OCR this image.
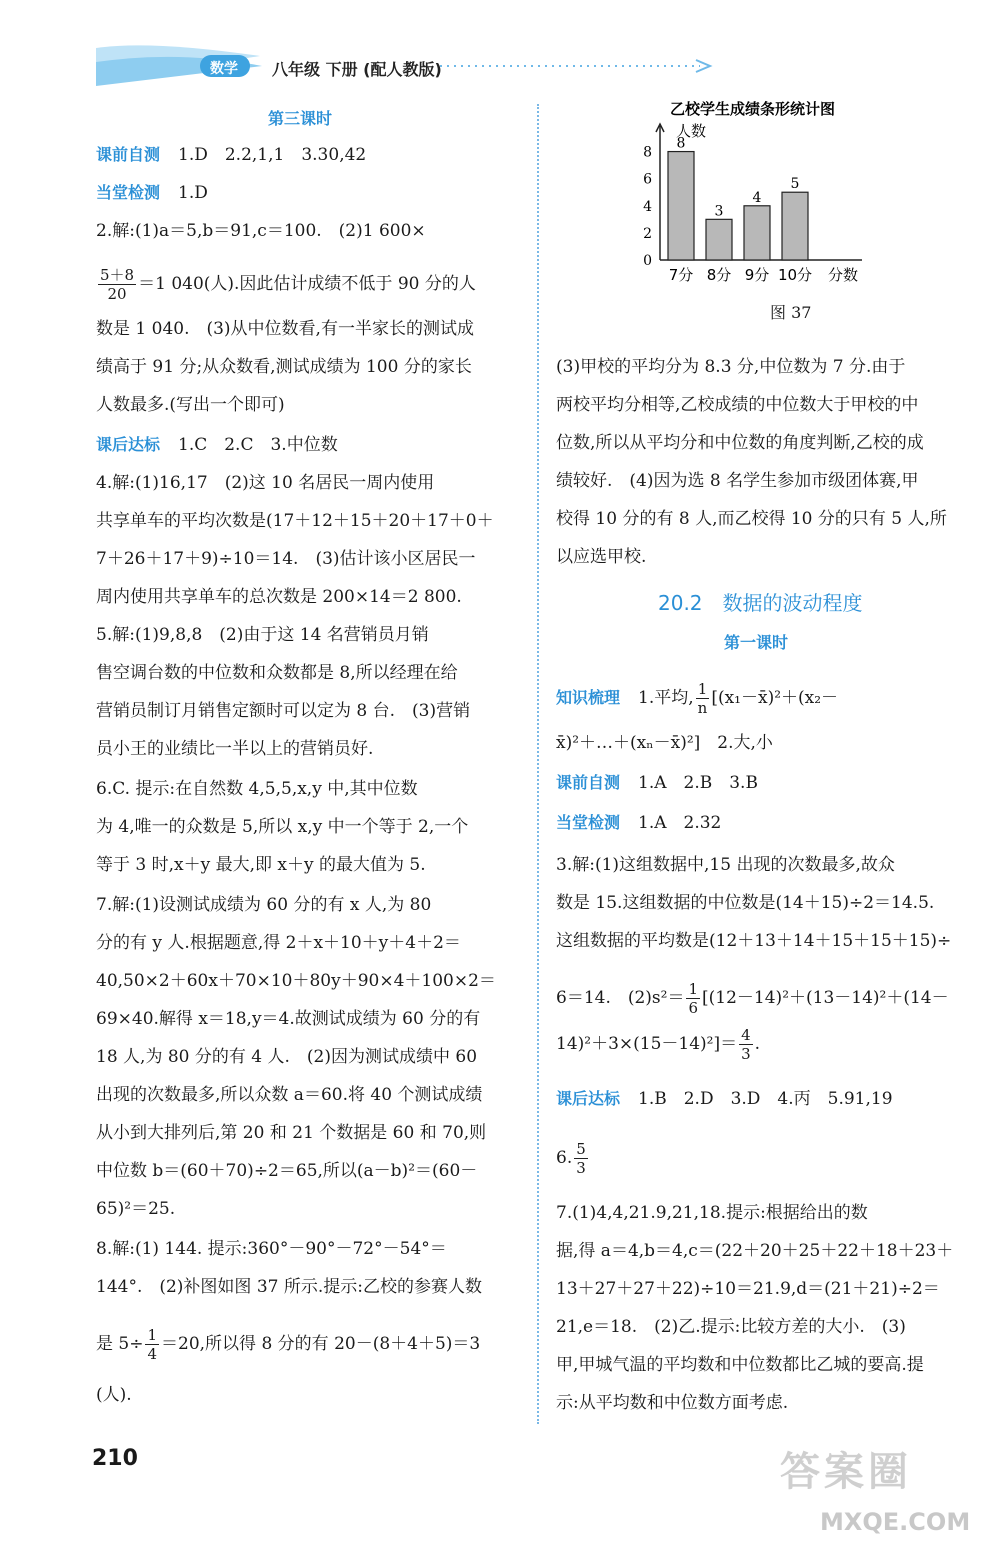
数学 八年级 下册 (配人教版)
第三课时
课前自测 1.D　2.2,1,1　3.30,42
当堂检测 1.D
2.解:(1)a＝5,b＝91,c＝100.　(2)1 600×
$\frac{5+8}{20} =1$ 040(人).因此估计成绩不低于 90 分的人
数是 1 040.　(3)从中位数看,有一半家长的测试成
绩高于 91 分;从众数看,测试成绩为 100 分的家长
人数最多.(写出一个即可)
课后达标 1.C　2.C　3.中位数
4.解:(1)16,17　(2)这 10 名居民一周内使用
共享单车的平均次数是(17＋12＋15＋20＋17＋0＋
7＋26＋17＋9)÷10＝14.　(3)估计该小区居民一
周内使用共享单车的总次数是 200×14＝2 800.
5.解:(1)9,8,8　(2)由于这 14 名营销员月销
售空调台数的中位数和众数都是 8,所以经理在给
营销员制订月销售定额时可以定为 8 台.　(3)营销
员小王的业绩比一半以上的营销员好.
6.C. 提示:在自然数 4,5,5,x,y 中,其中位数
为 4,唯一的众数是 5,所以 x,y 中一个等于 2,一个
等于 3 时,x＋y 最大,即 x＋y 的最大值为 5.
7.解:(1)设测试成绩为 60 分的有 x 人,为 80
分的有 y 人.根据题意,得 2＋x＋10＋y＋4＋2＝
40,50×2＋60x＋70×10＋80y＋90×4＋100×2＝
69×40.解得 x＝18,y＝4.故测试成绩为 60 分的有
18 人,为 80 分的有 4 人.　(2)因为测试成绩中 60
出现的次数最多,所以众数 a＝60.将 40 个测试成绩
从小到大排列后,第 20 和 21 个数据是 60 和 70,则
中位数 b＝(60＋70)÷2＝65,所以(a－b)²＝(60－
65)²＝25.
8.解:(1) 144. 提示:360°－90°－72°－54°＝
144°.　(2)补图如图 37 所示.提示:乙校的参赛人数
是 $5\div \frac{1}{4} =20$,所以得 8 分的有 20－(8＋4＋5)＝3
(人).
(3)甲校的平均分为 8.3 分,中位数为 7 分.由于
两校平均分相等,乙校成绩的中位数大于甲校的中
位数,所以从平均分和中位数的角度判断,乙校的成
绩较好.　(4)因为选 8 名学生参加市级团体赛,甲
校得 10 分的有 8 人,而乙校得 10 分的只有 5 人,所
以应选甲校.
20.2　数据的波动程度
第一课时
知识梳理 1.平均, $\frac{1}{n}$ [(x₁－x̄)²＋(x₂－
x̄)²＋…＋(xₙ－x̄)²]　2.大,小
课前自测 1.A　2.B　3.B
当堂检测 1.A　2.32
3.解:(1)这组数据中,15 出现的次数最多,故众
数是 15.这组数据的中位数是(14＋15)÷2＝14.5.
这组数据的平均数是(12＋13＋14＋15＋15＋15)÷
6＝14.　$(2)s^2= \frac{1}{6} [(12-14)^2+(13-14)^2+(14-$
$14)^2+3\times(15-14)^2]= \frac{4}{3}$ .
课后达标 1.B　2.D　3.D　4.丙　5.91,19
6. $\frac{5}{3}$
7.(1)4,4,21.9,21,18.提示:根据给出的数
据,得 a＝4,b＝4,c＝(22＋20＋25＋22＋18＋23＋
13＋27＋27＋22)÷10＝21.9,d＝(21＋21)÷2＝
21,e＝18.　(2)乙.提示:比较方差的大小.　(3)
甲,甲城气温的平均数和中位数都比乙城的要高.提
示:从平均数和中位数方面考虑.
乙校学生成绩条形统计图
人数
0
2
4
6
8
8
7分
3
8分
4
9分
5
10分 分数
图 37
210	答案圈
MXQE.COM
